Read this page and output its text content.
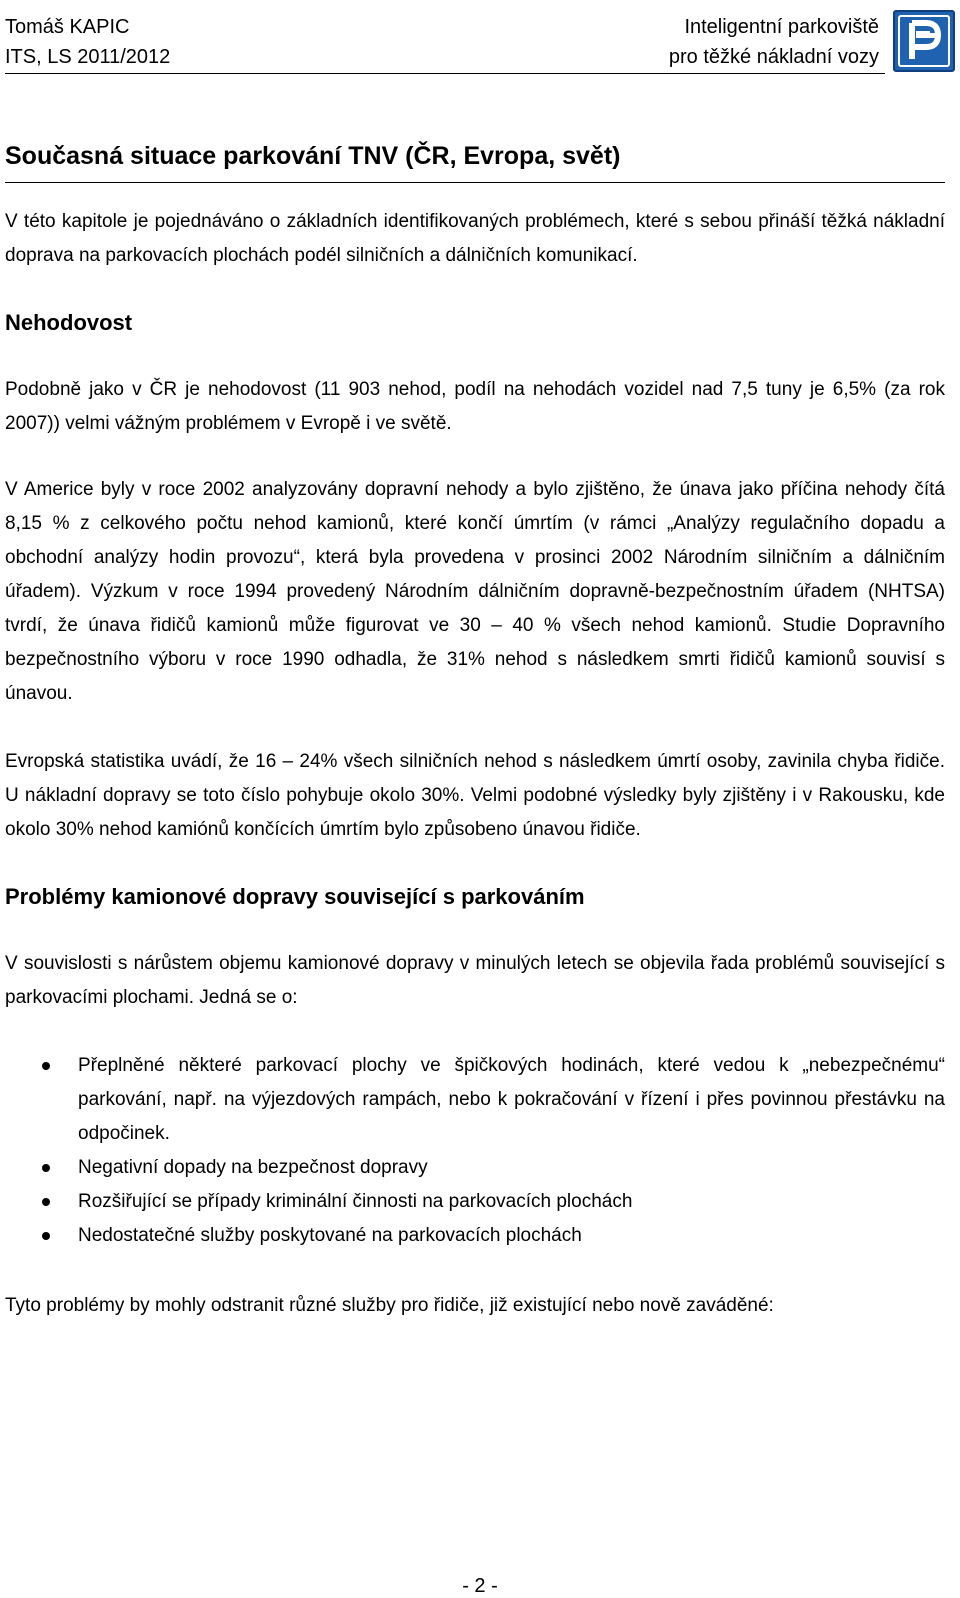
Tomáš KAPIC
ITS, LS 2011/2012
Inteligentní parkoviště
pro těžké nákladní vozy
Současná situace parkování TNV (ČR, Evropa, svět)

V této kapitole je pojednáváno o základních identifikovaných problémech, které s sebou přináší těžká nákladní doprava na parkovacích plochách podél silničních a dálničních komunikací.

Nehodovost

Podobně jako v ČR je nehodovost (11 903 nehod, podíl na nehodách vozidel nad 7,5 tuny je 6,5% (za rok 2007)) velmi vážným problémem v Evropě i ve světě.

V Americe byly v roce 2002 analyzovány dopravní nehody a bylo zjištěno, že únava jako příčina nehody čítá 8,15 % z celkového počtu nehod kamionů, které končí úmrtím (v rámci „Analýzy regulačního dopadu a obchodní analýzy hodin provozu“, která byla provedena v prosinci 2002 Národním silničním a dálničním úřadem). Výzkum v roce 1994 provedený Národním dálničním dopravně-bezpečnostním úřadem (NHTSA) tvrdí, že únava řidičů kamionů může figurovat ve 30 – 40 % všech nehod kamionů. Studie Dopravního bezpečnostního výboru v roce 1990 odhadla, že 31% nehod s následkem smrti řidičů kamionů souvisí s únavou.

Evropská statistika uvádí, že 16 – 24% všech silničních nehod s následkem úmrtí osoby, zavinila chyba řidiče. U nákladní dopravy se toto číslo pohybuje okolo 30%. Velmi podobné výsledky byly zjištěny i v Rakousku, kde okolo 30% nehod kamiónů končících úmrtím bylo způsobeno únavou řidiče.

Problémy kamionové dopravy související s parkováním

V souvislosti s nárůstem objemu kamionové dopravy v minulých letech se objevila řada problémů související s parkovacími plochami. Jedná se o:

Přeplněné některé parkovací plochy ve špičkových hodinách, které vedou k „nebezpečnému“ parkování, např. na výjezdových rampách, nebo k pokračování v řízení i přes povinnou přestávku na odpočinek.
Negativní dopady na bezpečnost dopravy
Rozšiřující se případy kriminální činnosti na parkovacích plochách
Nedostatečné služby poskytované na parkovacích plochách

Tyto problémy by mohly odstranit různé služby pro řidiče, již existující nebo nově zaváděné:

- 2 -
